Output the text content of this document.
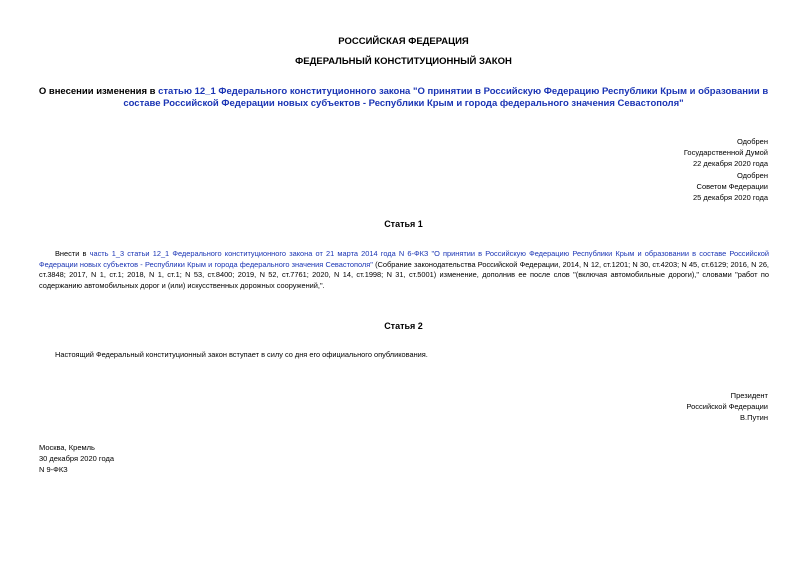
РОССИЙСКАЯ ФЕДЕРАЦИЯ
ФЕДЕРАЛЬНЫЙ КОНСТИТУЦИОННЫЙ ЗАКОН
О внесении изменения в статью 12_1 Федерального конституционного закона "О принятии в Российскую Федерацию Республики Крым и образовании в составе Российской Федерации новых субъектов - Республики Крым и города федерального значения Севастополя"
Одобрен
Государственной Думой
22 декабря 2020 года
Одобрен
Советом Федерации
25 декабря 2020 года
Статья 1
Внести в часть 1_3 статьи 12_1 Федерального конституционного закона от 21 марта 2014 года N 6-ФКЗ "О принятии в Российскую Федерацию Республики Крым и образовании в составе Российской Федерации новых субъектов - Республики Крым и города федерального значения Севастополя" (Собрание законодательства Российской Федерации, 2014, N 12, ст.1201; N 30, ст.4203; N 45, ст.6129; 2016, N 26, ст.3848; 2017, N 1, ст.1; 2018, N 1, ст.1; N 53, ст.8400; 2019, N 52, ст.7761; 2020, N 14, ст.1998; N 31, ст.5001) изменение, дополнив ее после слов "(включая автомобильные дороги)," словами "работ по содержанию автомобильных дорог и (или) искусственных дорожных сооружений,".
Статья 2
Настоящий Федеральный конституционный закон вступает в силу со дня его официального опубликования.
Президент
Российской Федерации
В.Путин
Москва, Кремль
30 декабря 2020 года
N 9-ФКЗ
